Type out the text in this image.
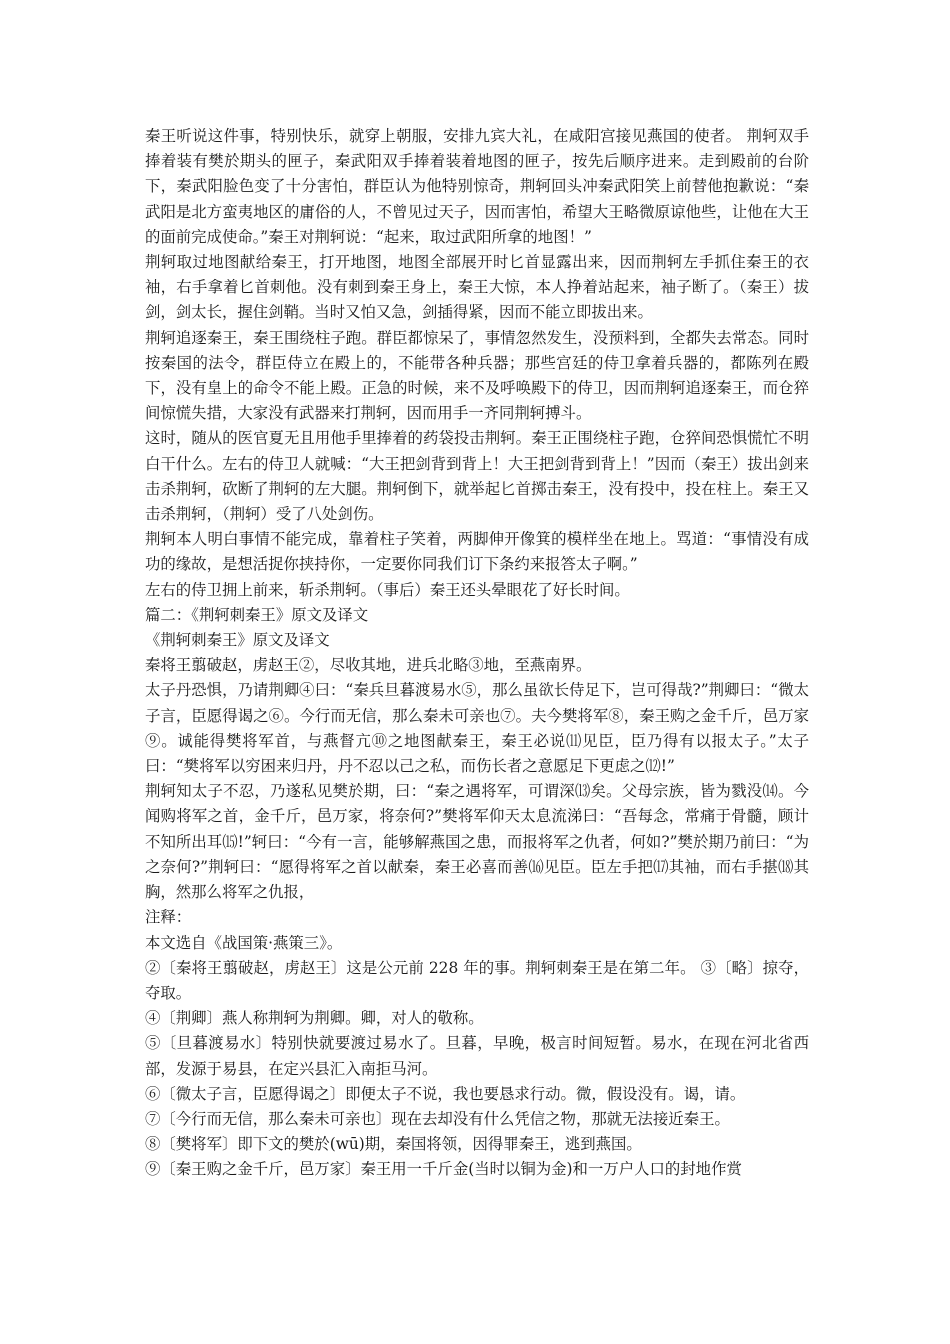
秦王听说这件事，特别快乐，就穿上朝服，安排九宾大礼，在咸阳宫接见燕国的使者。 荆轲双手捧着装有樊於期头的匣子，秦武阳双手捧着装着地图的匣子，按先后顺序进来。走到殿前的台阶下，秦武阳脸色变了十分害怕，群臣认为他特别惊奇，荆轲回头冲秦武阳笑上前替他抱歉说：“秦武阳是北方蛮夷地区的庸俗的人，不曾见过天子，因而害怕，希望大王略微原谅他些，让他在大王的面前完成使命。”秦王对荆轲说：“起来，取过武阳所拿的地图！”

荆轲取过地图献给秦王，打开地图，地图全部展开时匕首显露出来，因而荆轲左手抓住秦王的衣袖，右手拿着匕首刺他。没有刺到秦王身上，秦王大惊，本人挣着站起来，袖子断了。（秦王）拔剑，剑太长，握住剑鞘。当时又怕又急，剑插得紧，因而不能立即拔出来。

荆轲追逐秦王，秦王围绕柱子跑。群臣都惊呆了，事情忽然发生，没预料到，全都失去常态。同时按秦国的法令，群臣侍立在殿上的，不能带各种兵器；那些宫廷的侍卫拿着兵器的，都陈列在殿下，没有皇上的命令不能上殿。正急的时候，来不及呼唤殿下的侍卫，因而荆轲追逐秦王，而仓猝间惊慌失措，大家没有武器来打荆轲，因而用手一齐同荆轲搏斗。

这时，随从的医官夏无且用他手里捧着的药袋投击荆轲。秦王正围绕柱子跑，仓猝间恐惧慌忙不明白干什么。左右的侍卫人就喊：“大王把剑背到背上！大王把剑背到背上！”因而（秦王）拔出剑来击杀荆轲，砍断了荆轲的左大腿。荆轲倒下，就举起匕首掷击秦王，没有投中，投在柱上。秦王又击杀荆轲，（荆轲）受了八处剑伤。

荆轲本人明白事情不能完成，靠着柱子笑着，两脚伸开像箕的模样坐在地上。骂道：“事情没有成功的缘故，是想活捉你挟持你，一定要你同我们订下条约来报答太子啊。”

左右的侍卫拥上前来，斩杀荆轲。（事后）秦王还头晕眼花了好长时间。

篇二：《荆轲刺秦王》原文及译文

《荆轲刺秦王》原文及译文

秦将王翦破赵，虏赵王②，尽收其地，进兵北略③地，至燕南界。

太子丹恐惧，乃请荆卿④曰：“秦兵旦暮渡易水⑤，那么虽欲长侍足下，岂可得哉?”荆卿曰：“微太子言，臣愿得谒之⑥。今行而无信，那么秦未可亲也⑦。夫今樊将军⑧，秦王购之金千斤，邑万家⑨。诚能得樊将军首，与燕督亢⑩之地图献秦王，秦王必说⑾见臣，臣乃得有以报太子。”太子曰：“樊将军以穷困来归丹，丹不忍以己之私，而伤长者之意愿足下更虑之⑿!”

荆轲知太子不忍，乃遂私见樊於期，曰：“秦之遇将军，可谓深⒀矣。父母宗族，皆为戮没⒁。今闻购将军之首，金千斤，邑万家，将奈何?”樊将军仰天太息流涕曰：“吾每念，常痛于骨髓，顾计不知所出耳⒂!”轲曰：“今有一言，能够解燕国之患，而报将军之仇者，何如?”樊於期乃前曰：“为之奈何?”荆轲曰：“愿得将军之首以献秦，秦王必喜而善⒃见臣。臣左手把⒄其袖，而右手揕⒅其胸，然那么将军之仇报，

注释：

本文选自《战国策·燕策三》。

②〔秦将王翦破赵，虏赵王〕这是公元前 228 年的事。荆轲刺秦王是在第二年。 ③〔略〕掠夺，夺取。

④〔荆卿〕燕人称荆轲为荆卿。卿，对人的敬称。

⑤〔旦暮渡易水〕特别快就要渡过易水了。旦暮，早晚，极言时间短暂。易水，在现在河北省西部，发源于易县，在定兴县汇入南拒马河。

⑥〔微太子言，臣愿得谒之〕即便太子不说，我也要恳求行动。微，假设没有。谒，请。

⑦〔今行而无信，那么秦未可亲也〕现在去却没有什么凭信之物，那就无法接近秦王。

⑧〔樊将军〕即下文的樊於(wū)期，秦国将领，因得罪秦王，逃到燕国。

⑨〔秦王购之金千斤，邑万家〕秦王用一千斤金(当时以铜为金)和一万户人口的封地作赏
